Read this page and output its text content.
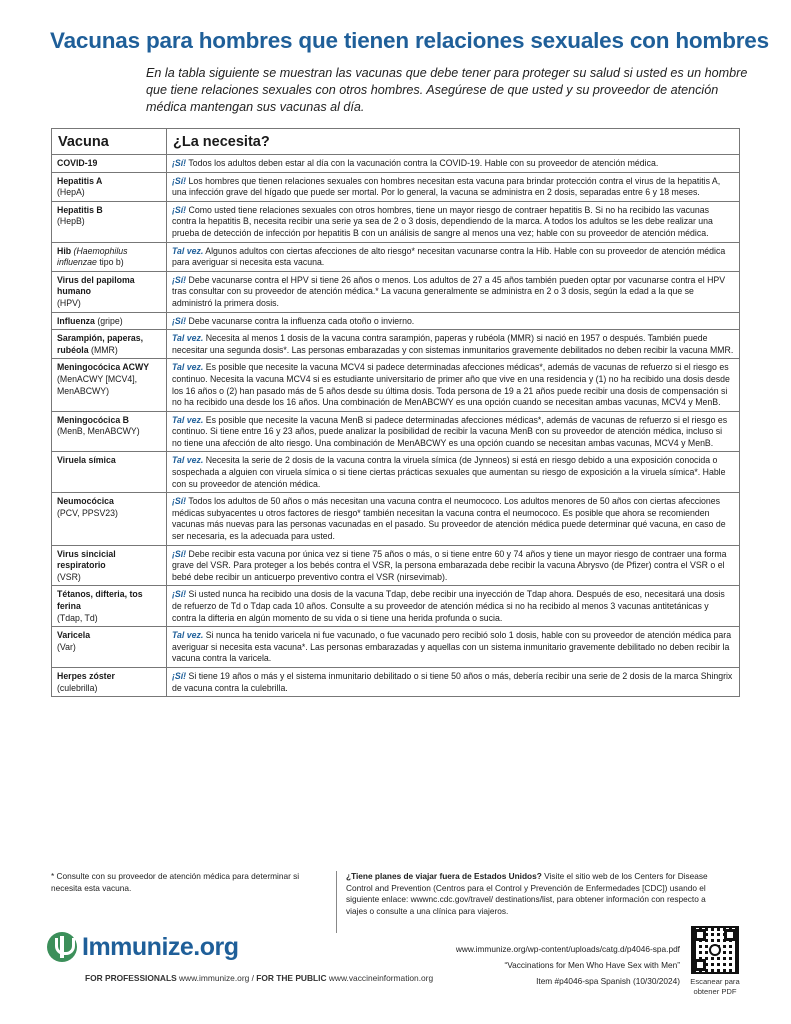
Vacunas para hombres que tienen relaciones sexuales con hombres
En la tabla siguiente se muestran las vacunas que debe tener para proteger su salud si usted es un hombre que tiene relaciones sexuales con otros hombres. Asegúrese de que usted y su proveedor de atención médica mantengan sus vacunas al día.
Vacuna	¿La necesita?

COVID-19	¡Sí! Todos los adultos deben estar al día con la vacunación contra la COVID-19. Hable con su proveedor de atención médica.

Hepatitis A
(HepA)	¡Sí! Los hombres que tienen relaciones sexuales con hombres necesitan esta vacuna para brindar protección contra el virus de la hepatitis A, una infección grave del hígado que puede ser mortal. Por lo general, la vacuna se administra en 2 dosis, separadas entre 6 y 18 meses.

Hepatitis B
(HepB)	¡Sí! Como usted tiene relaciones sexuales con otros hombres, tiene un mayor riesgo de contraer hepatitis B. Si no ha recibido las vacunas contra la hepatitis B, necesita recibir una serie ya sea de 2 o 3 dosis, dependiendo de la marca. A todos los adultos se les debe realizar una prueba de detección de infección por hepatitis B con un análisis de sangre al menos una vez; hable con su proveedor de atención médica.

Hib (Haemophilus influenzae tipo b)	Tal vez. Algunos adultos con ciertas afecciones de alto riesgo* necesitan vacunarse contra la Hib. Hable con su proveedor de atención médica para averiguar si necesita esta vacuna.

Virus del papiloma humano
(HPV)	¡Sí! Debe vacunarse contra el HPV si tiene 26 años o menos. Los adultos de 27 a 45 años también pueden optar por vacunarse contra el HPV tras consultar con su proveedor de atención médica.* La vacuna generalmente se administra en 2 o 3 dosis, según la edad a la que se administró la primera dosis.

Influenza (gripe)	¡Sí! Debe vacunarse contra la influenza cada otoño o invierno.

Sarampión, paperas, rubéola (MMR)	Tal vez. Necesita al menos 1 dosis de la vacuna contra sarampión, paperas y rubéola (MMR) si nació en 1957 o después. También puede necesitar una segunda dosis*. Las personas embarazadas y con sistemas inmunitarios gravemente debilitados no deben recibir la vacuna MMR.

Meningocócica ACWY
(MenACWY [MCV4], MenABCWY)	Tal vez. Es posible que necesite la vacuna MCV4 si padece determinadas afecciones médicas*, además de vacunas de refuerzo si el riesgo es continuo. Necesita la vacuna MCV4 si es estudiante universitario de primer año que vive en una residencia y (1) no ha recibido una dosis desde los 16 años o (2) han pasado más de 5 años desde su última dosis. Toda persona de 19 a 21 años puede recibir una dosis de compensación si no ha recibido una desde los 16 años. Una combinación de MenABCWY es una opción cuando se necesitan ambas vacunas, MCV4 y MenB.

Meningocócica B
(MenB, MenABCWY)	Tal vez. Es posible que necesite la vacuna MenB si padece determinadas afecciones médicas*, además de vacunas de refuerzo si el riesgo es continuo. Si tiene entre 16 y 23 años, puede analizar la posibilidad de recibir la vacuna MenB con su proveedor de atención médica, incluso si no tiene una afección de alto riesgo. Una combinación de MenABCWY es una opción cuando se necesitan ambas vacunas, MCV4 y MenB.

Viruela símica	Tal vez. Necesita la serie de 2 dosis de la vacuna contra la viruela símica (de Jynneos) si está en riesgo debido a una exposición conocida o sospechada a alguien con viruela símica o si tiene ciertas prácticas sexuales que aumentan su riesgo de exposición a la viruela símica*. Hable con su proveedor de atención médica.

Neumocócica
(PCV, PPSV23)	¡Sí! Todos los adultos de 50 años o más necesitan una vacuna contra el neumococo. Los adultos menores de 50 años con ciertas afecciones médicas subyacentes u otros factores de riesgo* también necesitan la vacuna contra el neumococo. Es posible que ahora se recomienden vacunas más nuevas para las personas vacunadas en el pasado. Su proveedor de atención médica puede determinar qué vacuna, en caso de ser necesaria, es la adecuada para usted.

Virus sincicial respiratorio
(VSR)	¡Sí! Debe recibir esta vacuna por única vez si tiene 75 años o más, o si tiene entre 60 y 74 años y tiene un mayor riesgo de contraer una forma grave del VSR. Para proteger a los bebés contra el VSR, la persona embarazada debe recibir la vacuna Abrysvo (de Pfizer) contra el VSR o el bebé debe recibir un anticuerpo preventivo contra el VSR (nirsevimab).

Tétanos, difteria, tos ferina
(Tdap, Td)	¡Sí! Si usted nunca ha recibido una dosis de la vacuna Tdap, debe recibir una inyección de Tdap ahora. Después de eso, necesitará una dosis de refuerzo de Td o Tdap cada 10 años. Consulte a su proveedor de atención médica si no ha recibido al menos 3 vacunas antitetánicas y contra la difteria en algún momento de su vida o si tiene una herida profunda o sucia.

Varicela
(Var)	Tal vez. Si nunca ha tenido varicela ni fue vacunado, o fue vacunado pero recibió solo 1 dosis, hable con su proveedor de atención médica para averiguar si necesita esta vacuna*. Las personas embarazadas y aquellas con un sistema inmunitario gravemente debilitado no deben recibir la vacuna contra la varicela.

Herpes zóster
(culebrilla)	¡Sí! Si tiene 19 años o más y el sistema inmunitario debilitado o si tiene 50 años o más, debería recibir una serie de 2 dosis de la marca Shingrix de vacuna contra la culebrilla.
* Consulte con su proveedor de atención médica para determinar si necesita esta vacuna.
¿Tiene planes de viajar fuera de Estados Unidos? Visite el sitio web de los Centers for Disease Control and Prevention (Centros para el Control y Prevención de Enfermedades [CDC]) usando el siguiente enlace: wwwnc.cdc.gov/travel/ destinations/list, para obtener información con respecto a viajes o consulte a una clínica para viajeros.
Immunize.org
FOR PROFESSIONALS www.immunize.org / FOR THE PUBLIC www.vaccineinformation.org
www.immunize.org/wp-content/uploads/catg.d/p4046-spa.pdf
“Vaccinations for Men Who Have Sex with Men”
Item #p4046-spa Spanish (10/30/2024)	Escanear para obtener PDF
